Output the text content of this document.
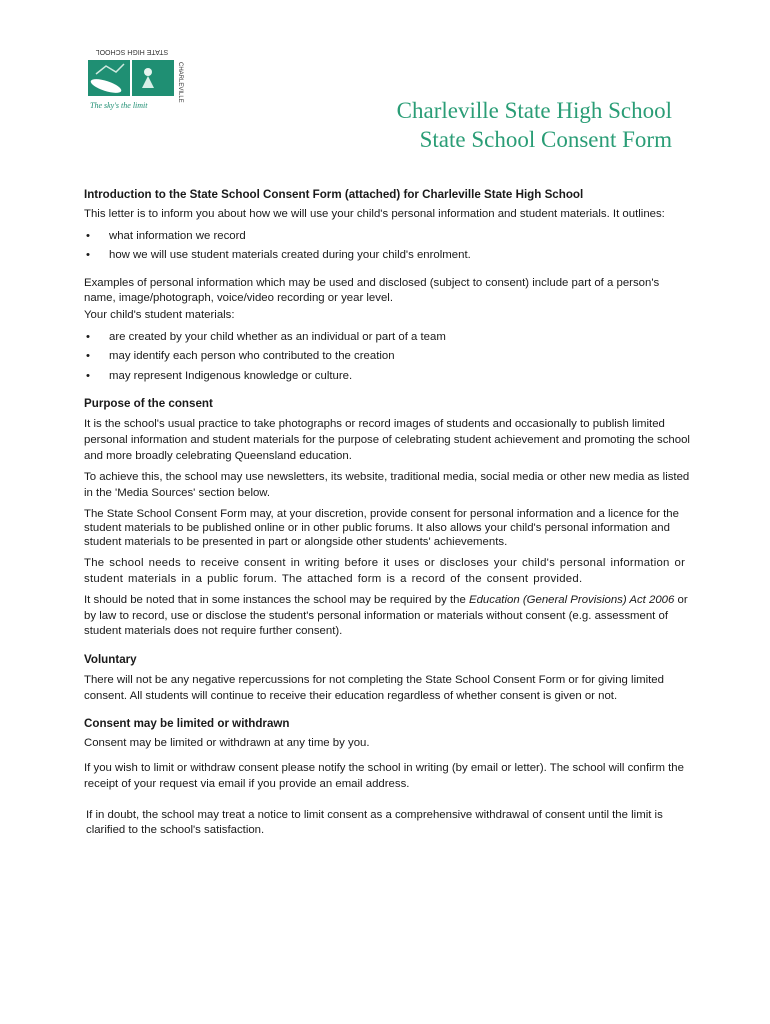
STATE HIGH SCHOOL
CHARLEVILLE
The sky's the limit	Charleville State High School
State School Consent Form
Introduction to the State School Consent Form (attached) for Charleville State High School

This letter is to inform you about how we will use your child's personal information and student materials. It outlines:

• what information we record
• how we will use student materials created during your child's enrolment.

Examples of personal information which may be used and disclosed (subject to consent) include part of a person's name, image/photograph, voice/video recording or year level.

Your child's student materials:

• are created by your child whether as an individual or part of a team
• may identify each person who contributed to the creation
• may represent Indigenous knowledge or culture.
Purpose of the consent

It is the school's usual practice to take photographs or record images of students and occasionally to publish limited personal information and student materials for the purpose of celebrating student achievement and promoting the school and more broadly celebrating Queensland education.

To achieve this, the school may use newsletters, its website, traditional media, social media or other new media as listed in the 'Media Sources' section below.

The State School Consent Form may, at your discretion, provide consent for personal information and a licence for the student materials to be published online or in other public forums. It also allows your child's personal information and student materials to be presented in part or alongside other students' achievements.

The school needs to receive consent in writing before it uses or discloses your child's personal information or student materials in a public forum. The attached form is a record of the consent provided.

It should be noted that in some instances the school may be required by the Education (General Provisions) Act 2006 or by law to record, use or disclose the student's personal information or materials without consent (e.g. assessment of student materials does not require further consent).

Voluntary

There will not be any negative repercussions for not completing the State School Consent Form or for giving limited consent. All students will continue to receive their education regardless of whether consent is given or not.

Consent may be limited or withdrawn

Consent may be limited or withdrawn at any time by you.

If you wish to limit or withdraw consent please notify the school in writing (by email or letter). The school will confirm the receipt of your request via email if you provide an email address.

If in doubt, the school may treat a notice to limit consent as a comprehensive withdrawal of consent until the limit is clarified to the school's satisfaction.
